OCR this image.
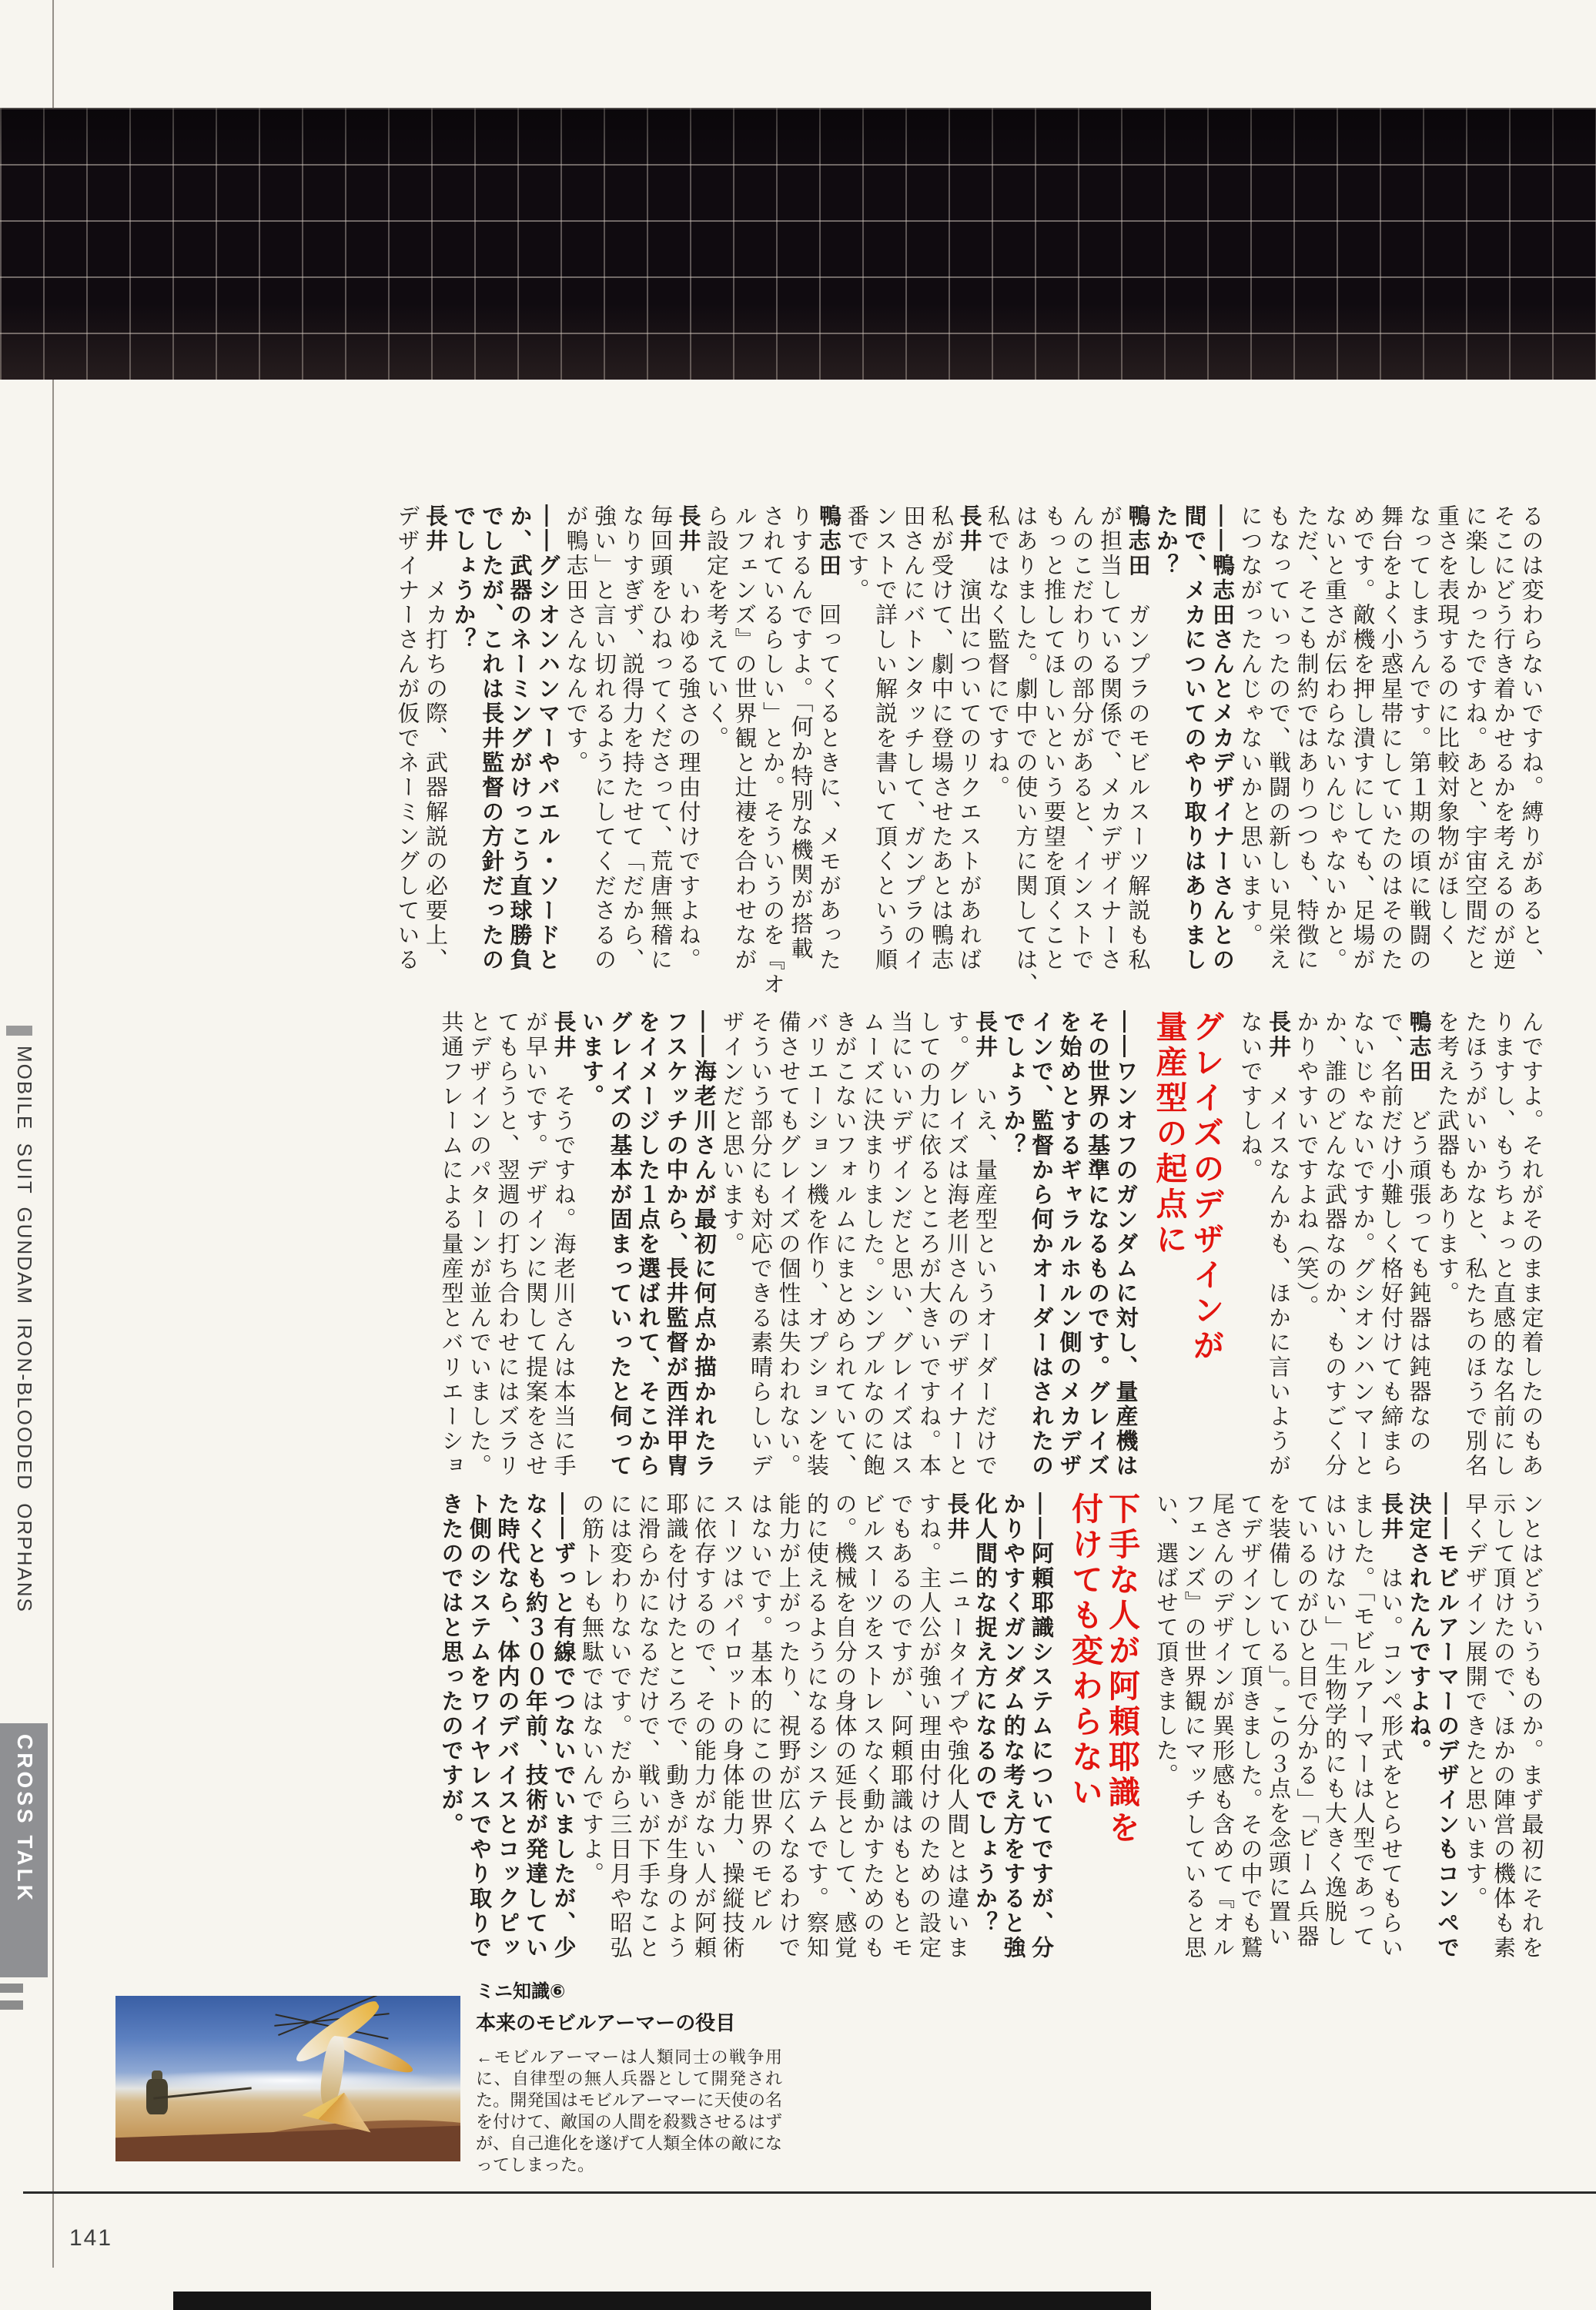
るのは変わらないですね。縛りがあると、
そこにどう行き着かせるかを考えるのが逆
に楽しかったですね。あと、宇宙空間だと
重さを表現するのに比較対象物がほしく
なってしまうんです。第１期の頃に戦闘の
舞台をよく小惑星帯にしていたのはそのた
めです。敵機を押し潰すにしても、足場が
ないと重さが伝わらないんじゃないかと。
ただ、そこも制約ではありつつも、特徴に
もなっていったので、戦闘の新しい見栄え
につながったんじゃないかと思います。
――鴨志田さんとメカデザイナーさんとの
間で、メカについてのやり取りはありまし
たか？
鴨志田　ガンプラのモビルスーツ解説も私
が担当している関係で、メカデザイナーさ
んのこだわりの部分があると、インストで
もっと推してほしいという要望を頂くこと
はありました。劇中での使い方に関しては、
私ではなく監督にですね。
長井　演出についてのリクエストがあれば
私が受けて、劇中に登場させたあとは鴨志
田さんにバトンタッチして、ガンプラのイ
ンストで詳しい解説を書いて頂くという順
番です。
鴨志田　回ってくるときに、メモがあった
りするんですよ。「何か特別な機関が搭載
されているらしい」とか。そういうのを『オ
ルフェンズ』の世界観と辻褄を合わせなが
ら設定を考えていく。
長井　いわゆる強さの理由付けですよね。
毎回頭をひねってくださって、荒唐無稽に
なりすぎず、説得力を持たせて「だから、
強い」と言い切れるようにしてくださるの
が鴨志田さんなんです。
――グシオンハンマーやバエル・ソードと
か、武器のネーミングがけっこう直球勝負
でしたが、これは長井監督の方針だったの
でしょうか？
長井　メカ打ちの際、武器解説の必要上、
デザイナーさんが仮でネーミングしている
んですよ。それがそのまま定着したのもあ
りますし、もうちょっと直感的な名前にし
たほうがいいかなと、私たちのほうで別名
を考えた武器もあります。
鴨志田　どう頑張っても鈍器は鈍器なの
で、名前だけ小難しく格好付けても締まら
ないじゃないですか。グシオンハンマーと
か、誰のどんな武器なのか、ものすごく分
かりやすいですよね（笑）。
長井　メイスなんかも、ほかに言いようが
ないですしね。
グレイズのデザインが
量産型の起点に
――ワンオフのガンダムに対し、量産機は
その世界の基準になるものです。グレイズ
を始めとするギャラルホルン側のメカデザ
インで、監督から何かオーダーはされたの
でしょうか？
長井　いえ、量産型というオーダーだけで
す。グレイズは海老川さんのデザイナーと
しての力に依るところが大きいですね。本
当にいいデザインだと思い、グレイズはス
ムーズに決まりました。シンプルなのに飽
きがこないフォルムにまとめられていて、
バリエーション機を作り、オプションを装
備させてもグレイズの個性は失われない。
そういう部分にも対応できる素晴らしいデ
ザインだと思います。
――海老川さんが最初に何点か描かれたラ
フスケッチの中から、長井監督が西洋甲冑
をイメージした１点を選ばれて、そこから
グレイズの基本が固まっていったと伺って
います。
長井　そうですね。海老川さんは本当に手
が早いです。デザインに関して提案をさせ
てもらうと、翌週の打ち合わせにはズラリ
とデザインのパターンが並んでいました。
共通フレームによる量産型とバリエーショ
ンとはどういうものか。まず最初にそれを
示して頂けたので、ほかの陣営の機体も素
早くデザイン展開できたと思います。
――モビルアーマーのデザインもコンペで
決定されたんですよね。
長井　はい。コンペ形式をとらせてもらい
ました。「モビルアーマーは人型であって
はいけない」「生物学的にも大きく逸脱し
ているのがひと目で分かる」「ビーム兵器
を装備している」。この３点を念頭に置い
てデザインして頂きました。その中でも鷲
尾さんのデザインが異形感も含めて『オル
フェンズ』の世界観にマッチしていると思
い、選ばせて頂きました。
下手な人が阿頼耶識を
付けても変わらない
――阿頼耶識システムについてですが、分
かりやすくガンダム的な考え方をすると強
化人間的な捉え方になるのでしょうか？
長井　ニュータイプや強化人間とは違いま
すね。主人公が強い理由付けのための設定
でもあるのですが、阿頼耶識はもともとモ
ビルスーツをストレスなく動かすためのも
の。機械を自分の身体の延長として、感覚
的に使えるようになるシステムです。察知
能力が上がったり、視野が広くなるわけで
はないです。基本的にこの世界のモビル
スーツはパイロットの身体能力、操縦技術
に依存するので、その能力がない人が阿頼
耶識を付けたところで、動きが生身のよう
に滑らかになるだけで、戦いが下手なこと
には変わりないです。だから三日月や昭弘
の筋トレも無駄ではないんですよ。
――ずっと有線でつないでいましたが、少
なくとも約３００年前、技術が発達してい
た時代なら、体内のデバイスとコックピッ
ト側のシステムをワイヤレスでやり取りで
きたのではと思ったのですが。
MOBILE SUIT GUNDAM IRON-BLOODED ORPHANS
CROSS TALK
141
ミニ知識⑥
本来のモビルアーマーの役目
←モビルアーマーは人類同士の戦争用に、自律型の無人兵器として開発された。開発国はモビルアーマーに天使の名を付けて、敵国の人間を殺戮させるはずが、自己進化を遂げて人類全体の敵になってしまった。
